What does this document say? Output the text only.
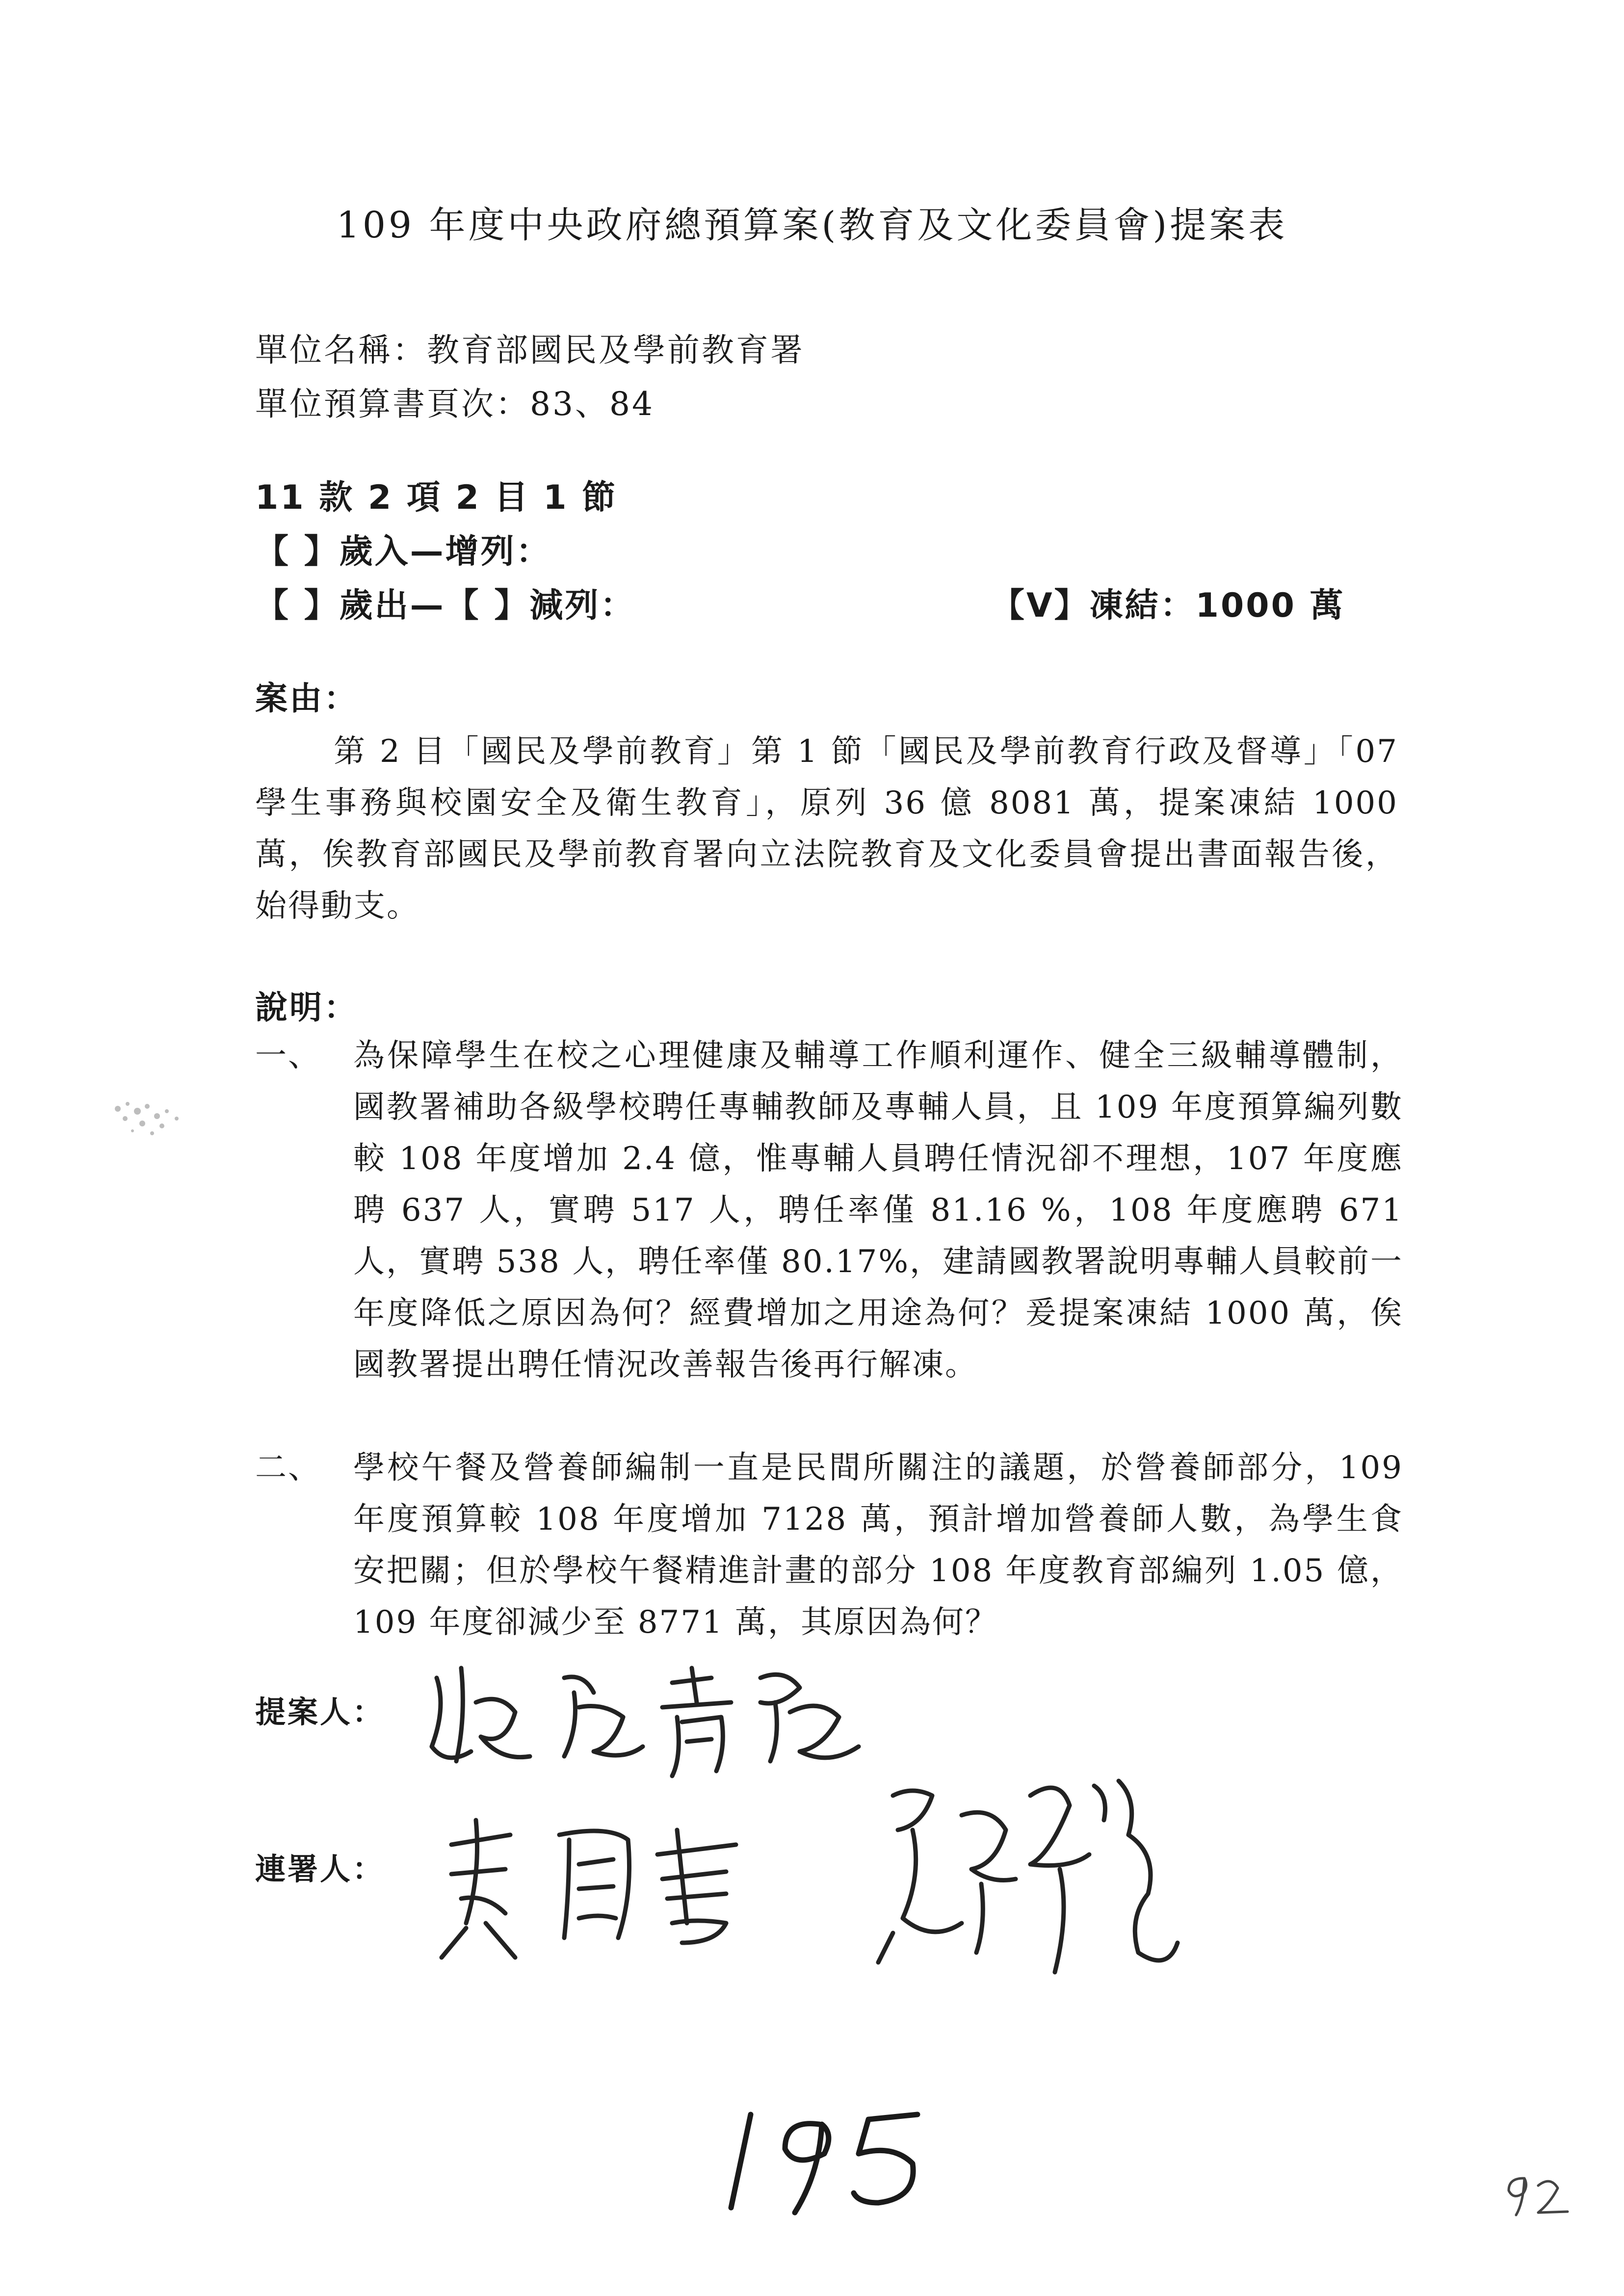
109 年度中央政府總預算案(教育及文化委員會)提案表
單位名稱：教育部國民及學前教育署
單位預算書頁次：83、84
11 款 2 項 2 目 1 節
【 】歲入—增列：
【 】歲出—【 】減列：	【V】凍結：1000 萬
案由：
第 2 目「國民及學前教育」第 1 節「國民及學前教育行政及督導」「07 學生事務與校園安全及衛生教育」，原列 36 億 8081 萬，提案凍結 1000 萬，俟教育部國民及學前教育署向立法院教育及文化委員會提出書面報告後，始得動支。
說明：
一、 為保障學生在校之心理健康及輔導工作順利運作、健全三級輔導體制，國教署補助各級學校聘任專輔教師及專輔人員，且 109 年度預算編列數較 108 年度增加 2.4 億，惟專輔人員聘任情況卻不理想，107 年度應聘 637 人，實聘 517 人，聘任率僅 81.16 %，108 年度應聘 671 人，實聘 538 人，聘任率僅 80.17%，建請國教署說明專輔人員較前一年度降低之原因為何？經費增加之用途為何？爰提案凍結 1000 萬，俟國教署提出聘任情況改善報告後再行解凍。
二、 學校午餐及營養師編制一直是民間所關注的議題，於營養師部分，109 年度預算較 108 年度增加 7128 萬，預計增加營養師人數，為學生食安把關；但於學校午餐精進計畫的部分 108 年度教育部編列 1.05 億，109 年度卻減少至 8771 萬，其原因為何？
提案人：
連署人：
